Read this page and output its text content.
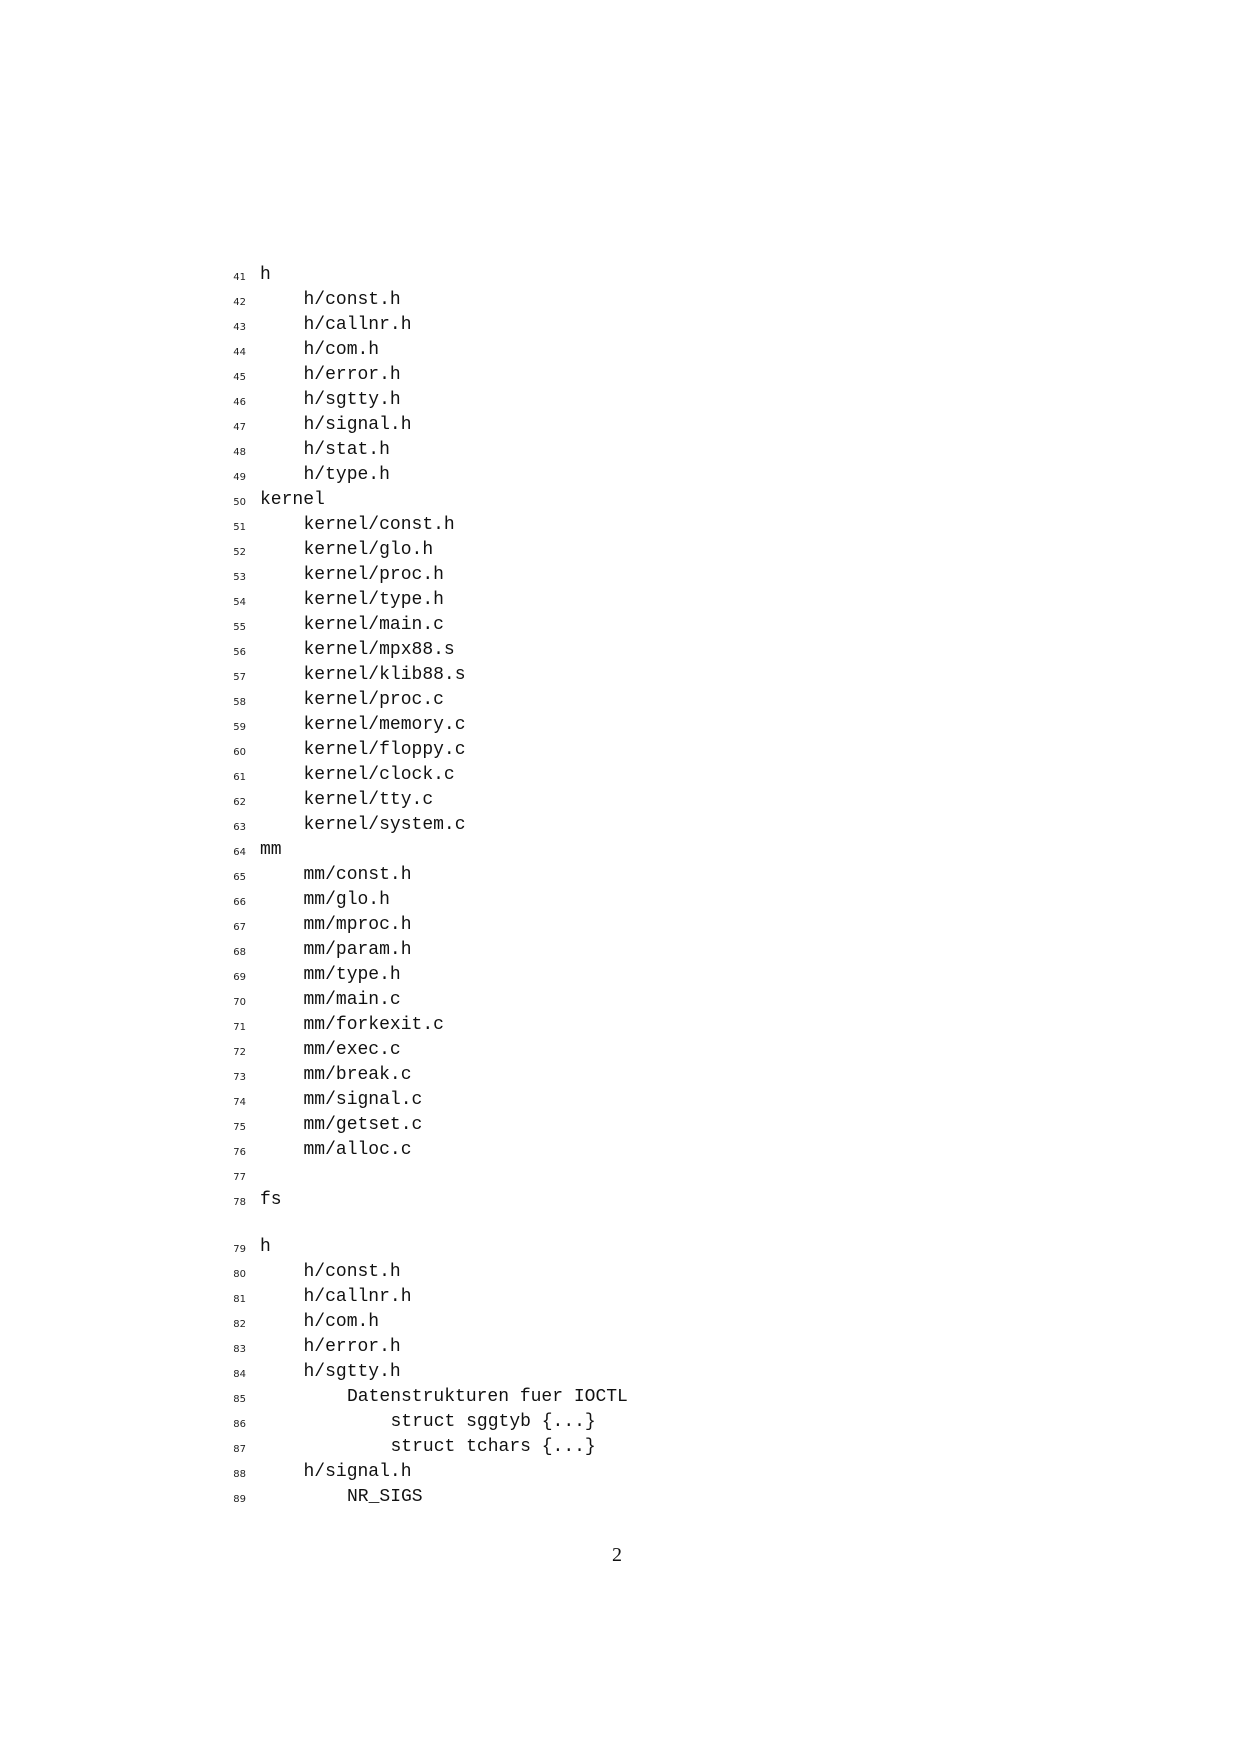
41 h
42	h/const.h
43	h/callnr.h
44	h/com.h
45	h/error.h
46	h/sgtty.h
47	h/signal.h
48	h/stat.h
49	h/type.h
50 kernel
51	kernel/const.h
52	kernel/glo.h
53	kernel/proc.h
54	kernel/type.h
55	kernel/main.c
56	kernel/mpx88.s
57	kernel/klib88.s
58	kernel/proc.c
59	kernel/memory.c
60	kernel/floppy.c
61	kernel/clock.c
62	kernel/tty.c
63	kernel/system.c
64 mm
65	mm/const.h
66	mm/glo.h
67	mm/mproc.h
68	mm/param.h
69	mm/type.h
70	mm/main.c
71	mm/forkexit.c
72	mm/exec.c
73	mm/break.c
74	mm/signal.c
75	mm/getset.c
76	mm/alloc.c
77
78 fs
79 h
80	h/const.h
81	h/callnr.h
82	h/com.h
83	h/error.h
84	h/sgtty.h
85	Datenstrukturen fuer IOCTL
86	struct sggtyb {...}
87	struct tchars {...}
88	h/signal.h
89	NR_SIGS
2
